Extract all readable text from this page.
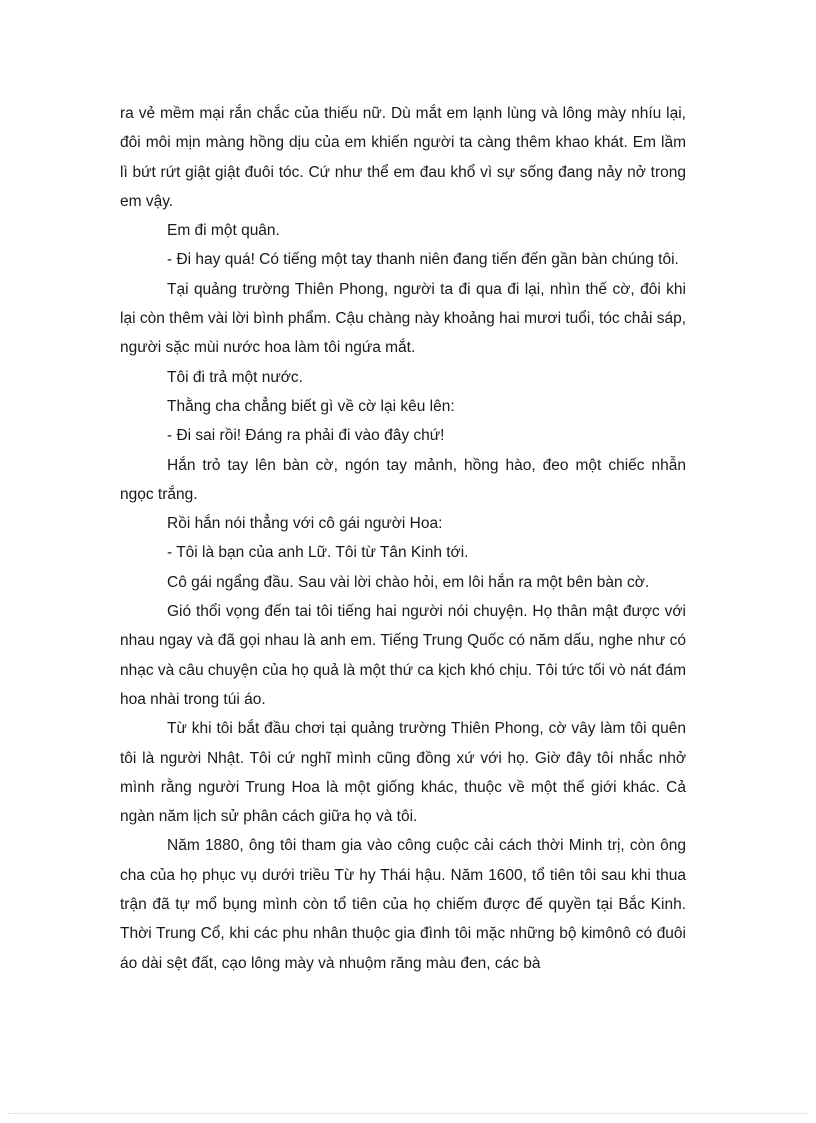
ra vẻ mềm mại rắn chắc của thiếu nữ. Dù mắt em lạnh lùng và lông mày nhíu lại, đôi môi mịn màng hồng dịu của em khiến người ta càng thêm khao khát. Em lầm lì bứt rứt giật giật đuôi tóc. Cứ như thể em đau khổ vì sự sống đang nảy nở trong em vậy.

Em đi một quân.

- Đi hay quá! Có tiếng một tay thanh niên đang tiến đến gần bàn chúng tôi.

Tại quảng trường Thiên Phong, người ta đi qua đi lại, nhìn thế cờ, đôi khi lại còn thêm vài lời bình phẩm. Cậu chàng này khoảng hai mươi tuổi, tóc chải sáp, người sặc mùi nước hoa làm tôi ngứa mắt.

Tôi đi trả một nước.

Thằng cha chẳng biết gì về cờ lại kêu lên:

- Đi sai rồi! Đáng ra phải đi vào đây chứ!

Hắn trỏ tay lên bàn cờ, ngón tay mảnh, hồng hào, đeo một chiếc nhẫn ngọc trắng.

Rồi hắn nói thẳng với cô gái người Hoa:

- Tôi là bạn của anh Lữ. Tôi từ Tân Kinh tới.

Cô gái ngẩng đầu. Sau vài lời chào hỏi, em lôi hắn ra một bên bàn cờ.

Gió thổi vọng đến tai tôi tiếng hai người nói chuyện. Họ thân mật được với nhau ngay và đã gọi nhau là anh em. Tiếng Trung Quốc có năm dấu, nghe như có nhạc và câu chuyện của họ quả là một thứ ca kịch khó chịu. Tôi tức tối vò nát đám hoa nhài trong túi áo.

Từ khi tôi bắt đầu chơi tại quảng trường Thiên Phong, cờ vây làm tôi quên tôi là người Nhật. Tôi cứ nghĩ mình cũng đồng xứ với họ. Giờ đây tôi nhắc nhở mình rằng người Trung Hoa là một giống khác, thuộc về một thế giới khác. Cả ngàn năm lịch sử phân cách giữa họ và tôi.

Năm 1880, ông tôi tham gia vào công cuộc cải cách thời Minh trị, còn ông cha của họ phục vụ dưới triều Từ hy Thái hậu. Năm 1600, tổ tiên tôi sau khi thua trận đã tự mổ bụng mình còn tổ tiên của họ chiếm được đế quyền tại Bắc Kinh. Thời Trung Cổ, khi các phu nhân thuộc gia đình tôi mặc những bộ kimônô có đuôi áo dài sệt đất, cạo lông mày và nhuộm răng màu đen, các bà
